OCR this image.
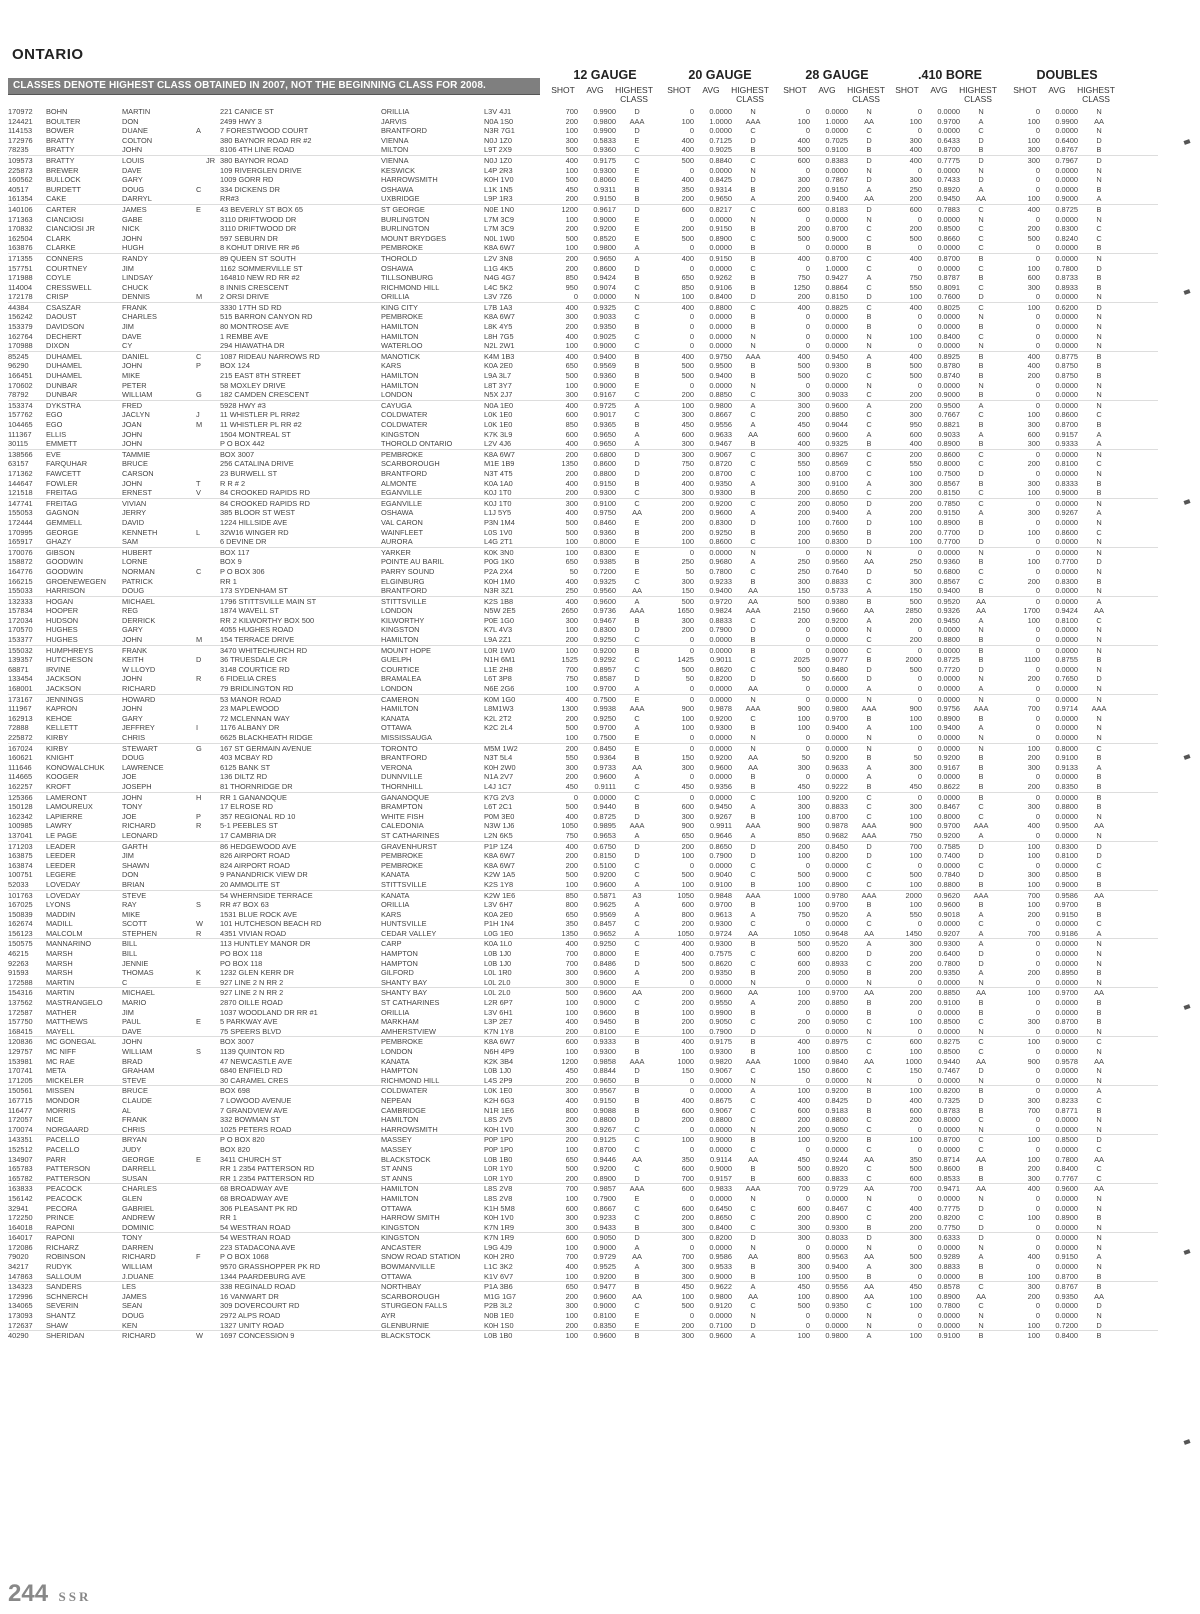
ONTARIO
CLASSES DENOTE HIGHEST CLASS OBTAINED IN 2007, NOT THE BEGINNING CLASS FOR 2008.
12 GAUGE	20 GAUGE	28 GAUGE	.410 BORE	DOUBLES
SHOT	AVG	HIGHEST
CLASS
SHOT	AVG	HIGHEST
CLASS
SHOT	AVG	HIGHEST
CLASS
SHOT	AVG	HIGHEST
CLASS
SHOT	AVG	HIGHEST
CLASS
170972	BOHN	MARTIN	221 CANICE ST	ORILLIA	L3V 4J1	700	0.9900	D	0	0.0000	N	0	0.0000	N	0	0.0000	N	0	0.0000	N
124421	BOULTER	DON	2499 HWY 3	JARVIS	N0A 1S0	200	0.9800	AAA	100	1.0000	AAA	100	1.0000	AA	100	0.9700	A	100	0.9900	AA
114153	BOWER	DUANE	A	7 FORESTWOOD COURT	BRANTFORD	N3R 7G1	100	0.9900	D	0	0.0000	C	0	0.0000	C	0	0.0000	C	0	0.0000	N
172976	BRATTY	COLTON	380 BAYNOR ROAD RR #2	VIENNA	N0J 1Z0	300	0.5833	E	400	0.7125	D	400	0.7025	D	300	0.6433	D	100	0.6400	D
78235	BRATTY	JOHN	8106 4TH LINE ROAD	MILTON	L9T 2X9	500	0.9360	C	400	0.9025	B	500	0.9100	B	400	0.8700	B	300	0.8767	B
109573	BRATTY	LOUIS	JR 380 BAYNOR ROAD	VIENNA	N0J 1Z0	400	0.9175	C	500	0.8840	C	600	0.8383	D	400	0.7775	D	300	0.7967	D
225873	BREWER	DAVE	109 RIVERGLEN DRIVE	KESWICK	L4P 2R3	100	0.9300	E	0	0.0000	N	0	0.0000	N	0	0.0000	N	0	0.0000	N
160562	BULLOCK	GARY	1009 GORR RD	HARROWSMITH	K0H 1V0	500	0.8060	E	400	0.8425	D	300	0.7867	D	300	0.7433	D	0	0.0000	N
40517	BURDETT	DOUG	C	334 DICKENS DR	OSHAWA	L1K 1N5	450	0.9311	B	350	0.9314	B	200	0.9150	A	250	0.8920	A	0	0.0000	B
161354	CAKE	DARRYL	RR#3	UXBRIDGE	L9P 1R3	200	0.9150	B	200	0.9650	A	200	0.9400	AA	200	0.9450	AA	100	0.9000	A
140106	CARTER	JAMES	E	43 BEVERLY ST BOX 65	ST GEORGE	N0E 1N0	1200	0.9617	D	600	0.8217	C	600	0.8183	D	600	0.7883	C	400	0.8725	B
171363	CIANCIOSI	GABE	3110 DRIFTWOOD DR	BURLINGTON	L7M 3C9	100	0.9000	E	0	0.0000	N	0	0.0000	N	0	0.0000	N	0	0.0000	N
170832	CIANCIOSI JR	NICK	3110 DRIFTWOOD DR	BURLINGTON	L7M 3C9	200	0.9200	E	200	0.9150	B	200	0.8700	C	200	0.8500	C	200	0.8300	C
162504	CLARK	JOHN	597 SEBURN DR	MOUNT BRYDGES	N0L 1W0	500	0.8520	E	500	0.8900	C	500	0.9000	C	500	0.8660	C	500	0.8240	C
163876	CLARKE	HUGH	8 KOHUT DRIVE RR #6	PEMBROKE	K8A 6W7	100	0.9800	A	0	0.0000	B	0	0.0000	B	0	0.0000	C	0	0.0000	B
171355	CONNERS	RANDY	89 QUEEN ST SOUTH	THOROLD	L2V 3N8	200	0.9650	A	400	0.9150	B	400	0.8700	C	400	0.8700	B	0	0.0000	N
157751	COURTNEY	JIM	1162 SOMMERVILLE ST	OSHAWA	L1G 4K5	200	0.8600	D	0	0.0000	C	0	1.0000	C	0	0.0000	C	100	0.7800	D
171988	COYLE	LINDSAY	164810 NEW RD RR #2	TILLSONBURG	N4G 4G7	850	0.9424	B	650	0.9262	B	750	0.9427	A	750	0.8787	B	600	0.8733	B
114004	CRESSWELL	CHUCK	8 INNIS CRESCENT	RICHMOND HILL	L4C 5K2	950	0.9074	C	850	0.9106	B	1250	0.8864	C	550	0.8091	C	300	0.8933	B
172178	CRISP	DENNIS	M	2 ORSI DRIVE	ORILLIA	L3V 7Z6	0	0.0000	N	100	0.8400	D	200	0.8150	D	100	0.7600	D	0	0.0000	N
44384	CSASZAR	FRANK	3330 17TH SD RD	KING CITY	L7B 1A3	400	0.9325	C	400	0.8800	C	400	0.8825	C	400	0.8025	C	100	0.6200	D
156242	DAOUST	CHARLES	515 BARRON CANYON RD	PEMBROKE	K8A 6W7	300	0.9033	C	0	0.0000	B	0	0.0000	B	0	0.0000	N	0	0.0000	N
153379	DAVIDSON	JIM	80 MONTROSE AVE	HAMILTON	L8K 4Y5	200	0.9350	B	0	0.0000	B	0	0.0000	B	0	0.0000	B	0	0.0000	N
162764	DECHERT	DAVE	1 REMBE AVE	HAMILTON	L8H 7G5	400	0.9025	C	0	0.0000	N	0	0.0000	N	100	0.8400	C	0	0.0000	N
170988	DIXON	CY	294 HIAWATHA DR	WATERLOO	N2L 2W1	100	0.9000	C	0	0.0000	N	0	0.0000	N	0	0.0000	N	0	0.0000	N
85245	DUHAMEL	DANIEL	C	1087 RIDEAU NARROWS RD	MANOTICK	K4M 1B3	400	0.9400	B	400	0.9750	AAA	400	0.9450	A	400	0.8925	B	400	0.8775	B
96290	DUHAMEL	JOHN	P	BOX 124	KARS	K0A 2E0	650	0.9569	B	500	0.9500	B	500	0.9300	B	500	0.8780	B	400	0.8750	B
166451	DUHAMEL	MIKE	215 EAST 8TH STREET	HAMILTON	L9A 3L7	500	0.9360	B	500	0.9400	B	500	0.9020	C	500	0.8740	B	200	0.8750	B
170602	DUNBAR	PETER	58 MOXLEY DRIVE	HAMILTON	L8T 3Y7	100	0.9000	E	0	0.0000	N	0	0.0000	N	0	0.0000	N	0	0.0000	N
78792	DUNBAR	WILLIAM	G	182 CAMDEN CRESCENT	LONDON	N5X 2J7	300	0.9167	C	200	0.8850	C	300	0.9033	C	200	0.9000	B	0	0.0000	N
153374	DYKSTRA	FRED	5928 HWY #3	CAYUGA	N0A 1E0	400	0.9725	A	100	0.9800	A	300	0.9600	A	200	0.9500	A	0	0.0000	N
157762	EGO	JACLYN	J	11 WHISTLER PL RR#2	COLDWATER	L0K 1E0	600	0.9017	C	300	0.8667	C	200	0.8850	C	300	0.7667	C	100	0.8600	C
104465	EGO	JOAN	M	11 WHISTLER PL RR #2	COLDWATER	L0K 1E0	850	0.9365	B	450	0.9556	A	450	0.9044	C	950	0.8821	B	300	0.8700	B
111367	ELLIS	JOHN	1504 MONTREAL ST	KINGSTON	K7K 3L9	600	0.9650	A	600	0.9633	AA	600	0.9600	A	600	0.9033	A	600	0.9157	A
30115	EMMETT	JOHN	P O BOX 442	THOROLD ONTARIO	L2V 4J6	400	0.9650	A	300	0.9467	B	400	0.9325	B	400	0.8900	B	300	0.9333	A
138566	EVE	TAMMIE	BOX 3007	PEMBROKE	K8A 6W7	200	0.6800	D	300	0.9067	C	300	0.8967	C	200	0.8600	C	0	0.0000	N
63157	FARQUHAR	BRUCE	256 CATALINA DRIVE	SCARBOROUGH	M1E 1B9	1350	0.8600	D	750	0.8720	C	550	0.8569	C	550	0.8000	C	200	0.8100	C
171362	FAWCETT	CARSON	23 BURWELL ST	BRANTFORD	N3T 4T5	200	0.8800	D	200	0.8700	C	100	0.8700	C	100	0.7500	D	0	0.0000	N
144647	FOWLER	JOHN	T	R R # 2	ALMONTE	K0A 1A0	400	0.9150	B	400	0.9350	A	300	0.9100	A	300	0.8567	B	300	0.8333	B
121518	FREITAG	ERNEST	V	84 CROOKED RAPIDS RD	EGANVILLE	K0J 1T0	200	0.9300	C	300	0.9300	B	200	0.8650	C	200	0.8150	C	100	0.9000	B
147741	FREITAG	VIVIAN	84 CROOKED RAPIDS RD	EGANVILLE	K0J 1T0	300	0.9100	C	200	0.9200	C	200	0.8050	D	200	0.7850	C	0	0.0000	N
155053	GAGNON	JERRY	385 BLOOR ST WEST	OSHAWA	L1J 5Y5	400	0.9750	AA	200	0.9600	A	200	0.9400	A	200	0.9150	A	300	0.9267	A
172444	GEMMELL	DAVID	1224 HILLSIDE AVE	VAL CARON	P3N 1M4	500	0.8460	E	200	0.8300	D	100	0.7600	D	100	0.8900	B	0	0.0000	N
170995	GEORGE	KENNETH	L	32W16 WINGER RD	WAINFLEET	L0S 1V0	500	0.9360	B	200	0.9250	B	200	0.9650	B	200	0.7700	D	100	0.8600	C
165917	GHAZY	SAM	6 DEVINE DR	AURORA	L4G 2T1	100	0.8000	E	100	0.8600	C	100	0.8300	D	100	0.7700	D	0	0.0000	N
170076	GIBSON	HUBERT	BOX 117	YARKER	K0K 3N0	100	0.8300	E	0	0.0000	N	0	0.0000	N	0	0.0000	N	0	0.0000	N
158872	GOODWIN	LORNE	BOX 9	POINTE AU BARIL	P0G 1K0	650	0.9385	B	250	0.9680	A	250	0.9560	AA	250	0.9360	B	100	0.7700	D
164776	GOODWIN	NORMAN	C	P O BOX 306	PARRY SOUND	P2A 2X4	50	0.7200	E	50	0.7800	C	250	0.7640	D	50	0.6800	C	0	0.0000	N
166215	GROENEWEGEN	PATRICK	RR 1	ELGINBURG	K0H 1M0	400	0.9325	C	300	0.9233	B	300	0.8833	C	300	0.8567	C	200	0.8300	B
155033	HARRISON	DOUG	173 SYDENHAM ST	BRANTFORD	N3R 3Z1	250	0.9560	AA	150	0.9400	AA	150	0.5733	A	150	0.9400	B	0	0.0000	N
132333	HOGAN	MICHAEL	1796 STITTSVILLE MAIN ST	STITTSVILLE	K2S 1B8	400	0.9600	A	500	0.9720	AA	500	0.9380	B	500	0.9520	AA	0	0.0000	A
157834	HOOPER	REG	1874 WAVELL ST	LONDON	N5W 2E5	2650	0.9736	AAA	1650	0.9824	AAA	2150	0.9660	AA	2850	0.9326	AA	1700	0.9424	AA
172034	HUDSON	DERRICK	RR 2 KILWORTHY BOX 500	KILWORTHY	P0E 1G0	300	0.9467	B	300	0.8833	C	200	0.9200	A	200	0.9450	A	100	0.8100	C
170570	HUGHES	GARY	4055 HUGHES ROAD	KINGSTON	K7L 4V3	100	0.8300	D	200	0.7900	D	0	0.0000	N	0	0.0000	N	0	0.0000	N
153377	HUGHES	JOHN	M	154 TERRACE DRIVE	HAMILTON	L9A 2Z1	200	0.9250	C	0	0.0000	B	0	0.0000	C	200	0.8800	B	0	0.0000	N
155032	HUMPHREYS	FRANK	3470 WHITECHURCH RD	MOUNT HOPE	L0R 1W0	100	0.9200	B	0	0.0000	B	0	0.0000	C	0	0.0000	B	0	0.0000	N
139357	HUTCHESON	KEITH	D	36 TRUESDALE CR	GUELPH	N1H 6M1	1525	0.9292	C	1425	0.9011	C	2025	0.9077	B	2000	0.8725	B	1100	0.8755	B
68871	IRVINE	W LLOYD	3148 COURTICE RD	COURTICE	L1E 2H8	700	0.8957	C	500	0.8620	C	500	0.8480	D	500	0.7720	D	0	0.0000	N
133454	JACKSON	JOHN	R	6 FIDELIA CRES	BRAMALEA	L6T 3P8	750	0.8587	D	50	0.8200	D	50	0.6600	D	0	0.0000	N	200	0.7650	D
168001	JACKSON	RICHARD	79 BRIDLINGTON RD	LONDON	N6E 2G6	100	0.9700	A	0	0.0000	AA	0	0.0000	A	0	0.0000	A	0	0.0000	N
173167	JENNINGS	HOWARD	53 MANOR ROAD	CAMERON	K0M 1G0	400	0.7500	E	0	0.0000	N	0	0.0000	N	0	0.0000	N	0	0.0000	N
111967	KAPRON	JOHN	23 MAPLEWOOD	HAMILTON	L8M1W3	1300	0.9938	AAA	900	0.9878	AAA	900	0.9800	AAA	900	0.9756	AAA	700	0.9714	AAA
162913	KEHOE	GARY	72 MCLENNAN WAY	KANATA	K2L 2T2	200	0.9250	C	100	0.9200	C	100	0.9700	B	100	0.8900	B	0	0.0000	N
72888	KELLETT	JEFFREY	I	1176 ALBANY DR	OTTAWA	K2C 2L4	500	0.9700	A	100	0.9300	B	100	0.9400	A	100	0.9400	A	0	0.0000	N
225872	KIRBY	CHRIS	6625 BLACKHEATH RIDGE	MISSISSAUGA	100	0.7500	E	0	0.0000	N	0	0.0000	N	0	0.0000	N	0	0.0000	N
167024	KIRBY	STEWART	G	167 ST GERMAIN AVENUE	TORONTO	M5M 1W2	200	0.8450	E	0	0.0000	N	0	0.0000	N	0	0.0000	N	100	0.8000	C
160621	KNIGHT	DOUG	403 MCBAY RD	BRANTFORD	N3T 5L4	550	0.9364	B	150	0.9200	AA	50	0.9200	B	50	0.9200	B	200	0.9100	B
111646	KONOWALCHUK	LAWRENCE	6125 BANK ST	VERONA	K0H 2W0	300	0.9733	AA	300	0.9600	AA	300	0.9633	A	300	0.9167	B	300	0.9133	A
114665	KOOGER	JOE	136 DILTZ RD	DUNNVILLE	N1A 2V7	200	0.9600	A	0	0.0000	B	0	0.0000	A	0	0.0000	B	0	0.0000	B
162257	KROFT	JOSEPH	81 THORNRIDGE DR	THORNHILL	L4J 1C7	450	0.9111	C	450	0.9356	B	450	0.9222	B	450	0.8622	B	200	0.8350	B
125366	LAMERONT	JOHN	H	RR 1 GANANOQUE	GANANOQUE	K7G 2V3	0	0.0000	C	0	0.0000	C	100	0.9200	C	0	0.0000	B	0	0.0000	B
150128	LAMOUREUX	TONY	17 ELROSE RD	BRAMPTON	L6T 2C1	500	0.9440	B	600	0.9450	A	300	0.8833	C	300	0.8467	C	300	0.8800	B
162342	LAPIERRE	JOE	P	357 REGIONAL RD 10	WHITE FISH	P0M 3E0	400	0.8725	D	300	0.9267	B	100	0.8700	C	100	0.8000	C	0	0.0000	N
100985	LAWRY	RICHARD	R	5-1 PEEBLES ST	CALEDONIA	N3W 1J6	1050	0.9895	AAA	900	0.9911	AAA	900	0.9878	AAA	900	0.9700	AAA	400	0.9500	AA
137041	LE PAGE	LEONARD	17 CAMBRIA DR	ST CATHARINES	L2N 6K5	750	0.9653	A	650	0.9646	A	850	0.9682	AAA	750	0.9200	A	0	0.0000	N
171203	LEADER	GARTH	86 HEDGEWOOD AVE	GRAVENHURST	P1P 1Z4	400	0.6750	D	200	0.8650	D	200	0.8450	D	700	0.7585	D	100	0.8300	D
163875	LEEDER	JIM	826 AIRPORT ROAD	PEMBROKE	K8A 6W7	200	0.8150	D	100	0.7900	D	100	0.8200	D	100	0.7400	D	100	0.8100	D
163874	LEEDER	SHAWN	824 AIRPORT ROAD	PEMBROKE	K8A 6W7	200	0.5100	C	0	0.0000	C	0	0.0000	C	0	0.0000	C	0	0.0000	C
100751	LEGERE	DON	9 PANANDRICK VIEW DR	KANATA	K2W 1A5	500	0.9200	C	500	0.9040	C	500	0.9000	C	500	0.7840	D	300	0.8500	B
52033	LOVEDAY	BRIAN	20 AMMOLITE ST	STITTSVILLE	K2S 1Y8	100	0.9600	A	100	0.9100	B	100	0.8900	C	100	0.8800	B	100	0.9000	B
101763	LOVEDAY	STEVE	54 WHERNSIDE TERRACE	KANATA	K2W 1E6	850	0.5871	A3	1050	0.9848	AAA	1000	0.9780	AAA	2000	0.9620	AAA	700	0.9586	AA
167025	LYONS	RAY	S	RR #7 BOX 63	ORILLIA	L3V 6H7	800	0.9625	A	600	0.9700	B	100	0.9700	B	100	0.9600	B	100	0.9700	B
150839	MADDIN	MIKE	1531 BLUE ROCK AVE	KARS	K0A 2E0	650	0.9569	A	800	0.9613	A	750	0.9520	A	550	0.9018	A	200	0.9150	B
162674	MADILL	SCOTT	W	101 HUTCHESON BEACH RD	HUNTSVILLE	P1H 1N4	350	0.8457	C	200	0.9300	C	0	0.0000	C	0	0.0000	C	0	0.0000	C
156123	MALCOLM	STEPHEN	R	4351 VIVIAN ROAD	CEDAR VALLEY	L0G 1E0	1350	0.9652	A	1050	0.9724	AA	1050	0.9648	AA	1450	0.9207	A	700	0.9186	A
150575	MANNARINO	BILL	113 HUNTLEY MANOR DR	CARP	K0A 1L0	400	0.9250	C	400	0.9300	B	500	0.9520	A	300	0.9300	A	0	0.0000	N
46215	MARSH	BILL	PO BOX 118	HAMPTON	L0B 1J0	700	0.8000	E	400	0.7575	C	600	0.8200	D	200	0.6400	D	0	0.0000	N
92263	MARSH	JENNIE	PO BOX 118	HAMPTON	L0B 1J0	700	0.8486	D	500	0.8620	C	600	0.8933	C	200	0.7800	D	0	0.0000	N
91593	MARSH	THOMAS	K	1232 GLEN KERR DR	GILFORD	L0L 1R0	300	0.9600	A	200	0.9350	B	200	0.9050	B	200	0.9350	A	200	0.8950	B
172588	MARTIN	C	E	927 LINE 2 N RR 2	SHANTY BAY	L0L 2L0	300	0.9000	E	0	0.0000	N	0	0.0000	N	0	0.0000	N	0	0.0000	N
154316	MARTIN	MICHAEL	927 LINE 2 N RR 2	SHANTY BAY	L0L 2L0	500	0.9600	AA	200	0.9600	AA	100	0.9700	AA	200	0.8850	AA	100	0.9700	AA
137562	MASTRANGELO	MARIO	2870 OILLE ROAD	ST CATHARINES	L2R 6P7	100	0.9000	C	200	0.9550	A	200	0.8850	B	200	0.9100	B	0	0.0000	B
172587	MATHER	JIM	1037 WOODLAND DR RR #1	ORILLIA	L3V 6H1	100	0.9600	B	100	0.9900	B	0	0.0000	B	0	0.0000	B	0	0.0000	B
157750	MATTHEWS	PAUL	E	5 PARKWAY AVE	MARKHAM	L3P 2E7	400	0.9450	B	200	0.9050	C	200	0.9050	C	100	0.8500	C	300	0.8700	B
168415	MAYELL	DAVE	75 SPEERS BLVD	AMHERSTVIEW	K7N 1Y8	200	0.8100	E	100	0.7900	D	0	0.0000	N	0	0.0000	N	0	0.0000	N
120836	MC GONEGAL	JOHN	BOX 3007	PEMBROKE	K8A 6W7	600	0.9333	B	400	0.9175	B	400	0.8975	C	600	0.8275	C	100	0.9000	C
129757	MC NIFF	WILLIAM	S	1139 QUINTON RD	LONDON	N6H 4P9	100	0.9300	B	100	0.9300	B	100	0.8500	C	100	0.8500	C	0	0.0000	N
153981	MC RAE	BRAD	47 NEWCASTLE AVE	KANATA	K2K 3B4	1200	0.9858	AAA	1000	0.9820	AAA	1000	0.9840	AA	1000	0.9440	AA	900	0.9578	AA
170741	META	GRAHAM	6840 ENFIELD RD	HAMPTON	L0B 1J0	450	0.8844	D	150	0.9067	C	150	0.8600	C	150	0.7467	D	0	0.0000	N
171205	MICKELER	STEVE	30 CARAMEL CRES	RICHMOND HILL	L4S 2P9	200	0.9650	B	0	0.0000	N	0	0.0000	N	0	0.0000	N	0	0.0000	N
150561	MISSEN	BRUCE	BOX 698	COLDWATER	L0K 1E0	300	0.9567	B	0	0.0000	A	100	0.9200	B	100	0.8200	B	0	0.0000	A
167715	MONDOR	CLAUDE	7 LOWOOD AVENUE	NEPEAN	K2H 6G3	400	0.9150	B	400	0.8675	C	400	0.8425	D	400	0.7325	D	300	0.8233	C
116477	MORRIS	AL	7 GRANDVIEW AVE	CAMBRIDGE	N1R 1E6	800	0.9088	B	600	0.9067	C	600	0.9183	B	600	0.8783	B	700	0.8771	B
172057	NICE	FRANK	332 BOWMAN ST	HAMILTON	L8S 2V5	200	0.8800	D	200	0.8800	C	200	0.8800	C	200	0.8000	C	0	0.0000	N
170074	NORGAARD	CHRIS	1025 PETERS ROAD	HARROWSMITH	K0H 1V0	300	0.9267	C	0	0.0000	N	200	0.9050	C	0	0.0000	N	0	0.0000	N
143351	PACELLO	BRYAN	P O BOX 820	MASSEY	P0P 1P0	200	0.9125	C	100	0.9000	B	100	0.9200	B	100	0.8700	C	100	0.8500	D
152512	PACELLO	JUDY	BOX 820	MASSEY	P0P 1P0	100	0.8700	C	0	0.0000	C	0	0.0000	C	0	0.0000	C	0	0.0000	C
134907	PARR	GEORGE	E	3411 CHURCH ST	BLACKSTOCK	L0B 1B0	650	0.9446	AA	350	0.9114	AA	450	0.9244	AA	350	0.8714	AA	100	0.7800	AA
165783	PATTERSON	DARRELL	RR 1 2354 PATTERSON RD	ST ANNS	L0R 1Y0	500	0.9200	C	600	0.9000	B	500	0.8920	C	500	0.8600	B	200	0.8400	C
165782	PATTERSON	SUSAN	RR 1 2354 PATTERSON RD	ST ANNS	L0R 1Y0	200	0.8900	D	700	0.9157	B	600	0.8833	C	600	0.8533	B	300	0.7767	C
163833	PEACOCK	CHARLES	68 BROADWAY AVE	HAMILTON	L8S 2V8	700	0.9857	AAA	600	0.9833	AAA	700	0.9729	AA	700	0.9471	AA	400	0.9600	AA
156142	PEACOCK	GLEN	68 BROADWAY AVE	HAMILTON	L8S 2V8	100	0.7900	E	0	0.0000	N	0	0.0000	N	0	0.0000	N	0	0.0000	N
32941	PECORA	GABRIEL	306 PLEASANT PK RD	OTTAWA	K1H 5M8	600	0.8667	C	600	0.6450	C	600	0.8467	C	400	0.7775	D	0	0.0000	N
172250	PRINCE	ANDREW	RR 1	HARROW SMITH	K0H 1V0	300	0.9233	C	200	0.8650	C	200	0.8900	C	200	0.8200	C	100	0.8900	B
164018	RAPONI	DOMINIC	54 WESTRAN ROAD	KINGSTON	K7N 1R9	300	0.9433	B	300	0.8400	C	300	0.9300	B	200	0.7750	D	0	0.0000	N
164017	RAPONI	TONY	54 WESTRAN ROAD	KINGSTON	K7N 1R9	600	0.9050	D	300	0.8200	D	300	0.8033	D	300	0.6333	D	0	0.0000	N
172086	RICHARZ	DARREN	223 STADACONA AVE	ANCASTER	L9G 4J9	100	0.9000	A	0	0.0000	N	0	0.0000	N	0	0.0000	N	0	0.0000	N
79020	ROBINSON	RICHARD	F	P O BOX 1068	SNOW ROAD STATION	K0H 2R0	700	0.9729	AA	700	0.9586	AA	800	0.9563	AA	500	0.9289	A	400	0.9150	A
34217	RUDYK	WILLIAM	9570 GRASSHOPPER PK RD	BOWMANVILLE	L1C 3K2	400	0.9525	A	300	0.9533	B	300	0.9400	A	300	0.8833	B	0	0.0000	N
147863	SALLOUM	J.DUANE	1344 PAARDEBURG AVE	OTTAWA	K1V 6V7	100	0.9200	B	300	0.9000	B	100	0.9500	B	0	0.0000	B	100	0.8700	B
134323	SANDERS	LES	338 REGINALD ROAD	NORTHBAY	P1A 3B6	650	0.9477	B	450	0.9622	A	450	0.9556	AA	450	0.8578	C	300	0.8767	B
172996	SCHNERCH	JAMES	16 VANWART DR	SCARBOROUGH	M1G 1G7	200	0.9600	AA	100	0.9800	AA	100	0.8900	AA	100	0.8900	AA	200	0.9350	AA
134065	SEVERIN	SEAN	309 DOVERCOURT RD	STURGEON FALLS	P2B 3L2	300	0.9000	C	500	0.9120	C	500	0.9350	C	100	0.7800	C	0	0.0000	D
173093	SHANTZ	DOUG	2972 ALPS ROAD	AYR	N0B 1E0	100	0.8100	E	0	0.0000	N	0	0.0000	N	0	0.0000	N	0	0.0000	N
172637	SHAW	KEN	1327 UNITY ROAD	GLENBURNIE	K0H 1S0	200	0.8350	E	200	0.7100	D	0	0.0000	N	0	0.0000	N	100	0.7200	D
40290	SHERIDAN	RICHARD	W	1697 CONCESSION 9	BLACKSTOCK	L0B 1B0	100	0.9600	B	300	0.9600	A	100	0.9800	A	100	0.9100	B	100	0.8400	B
244 SSR
